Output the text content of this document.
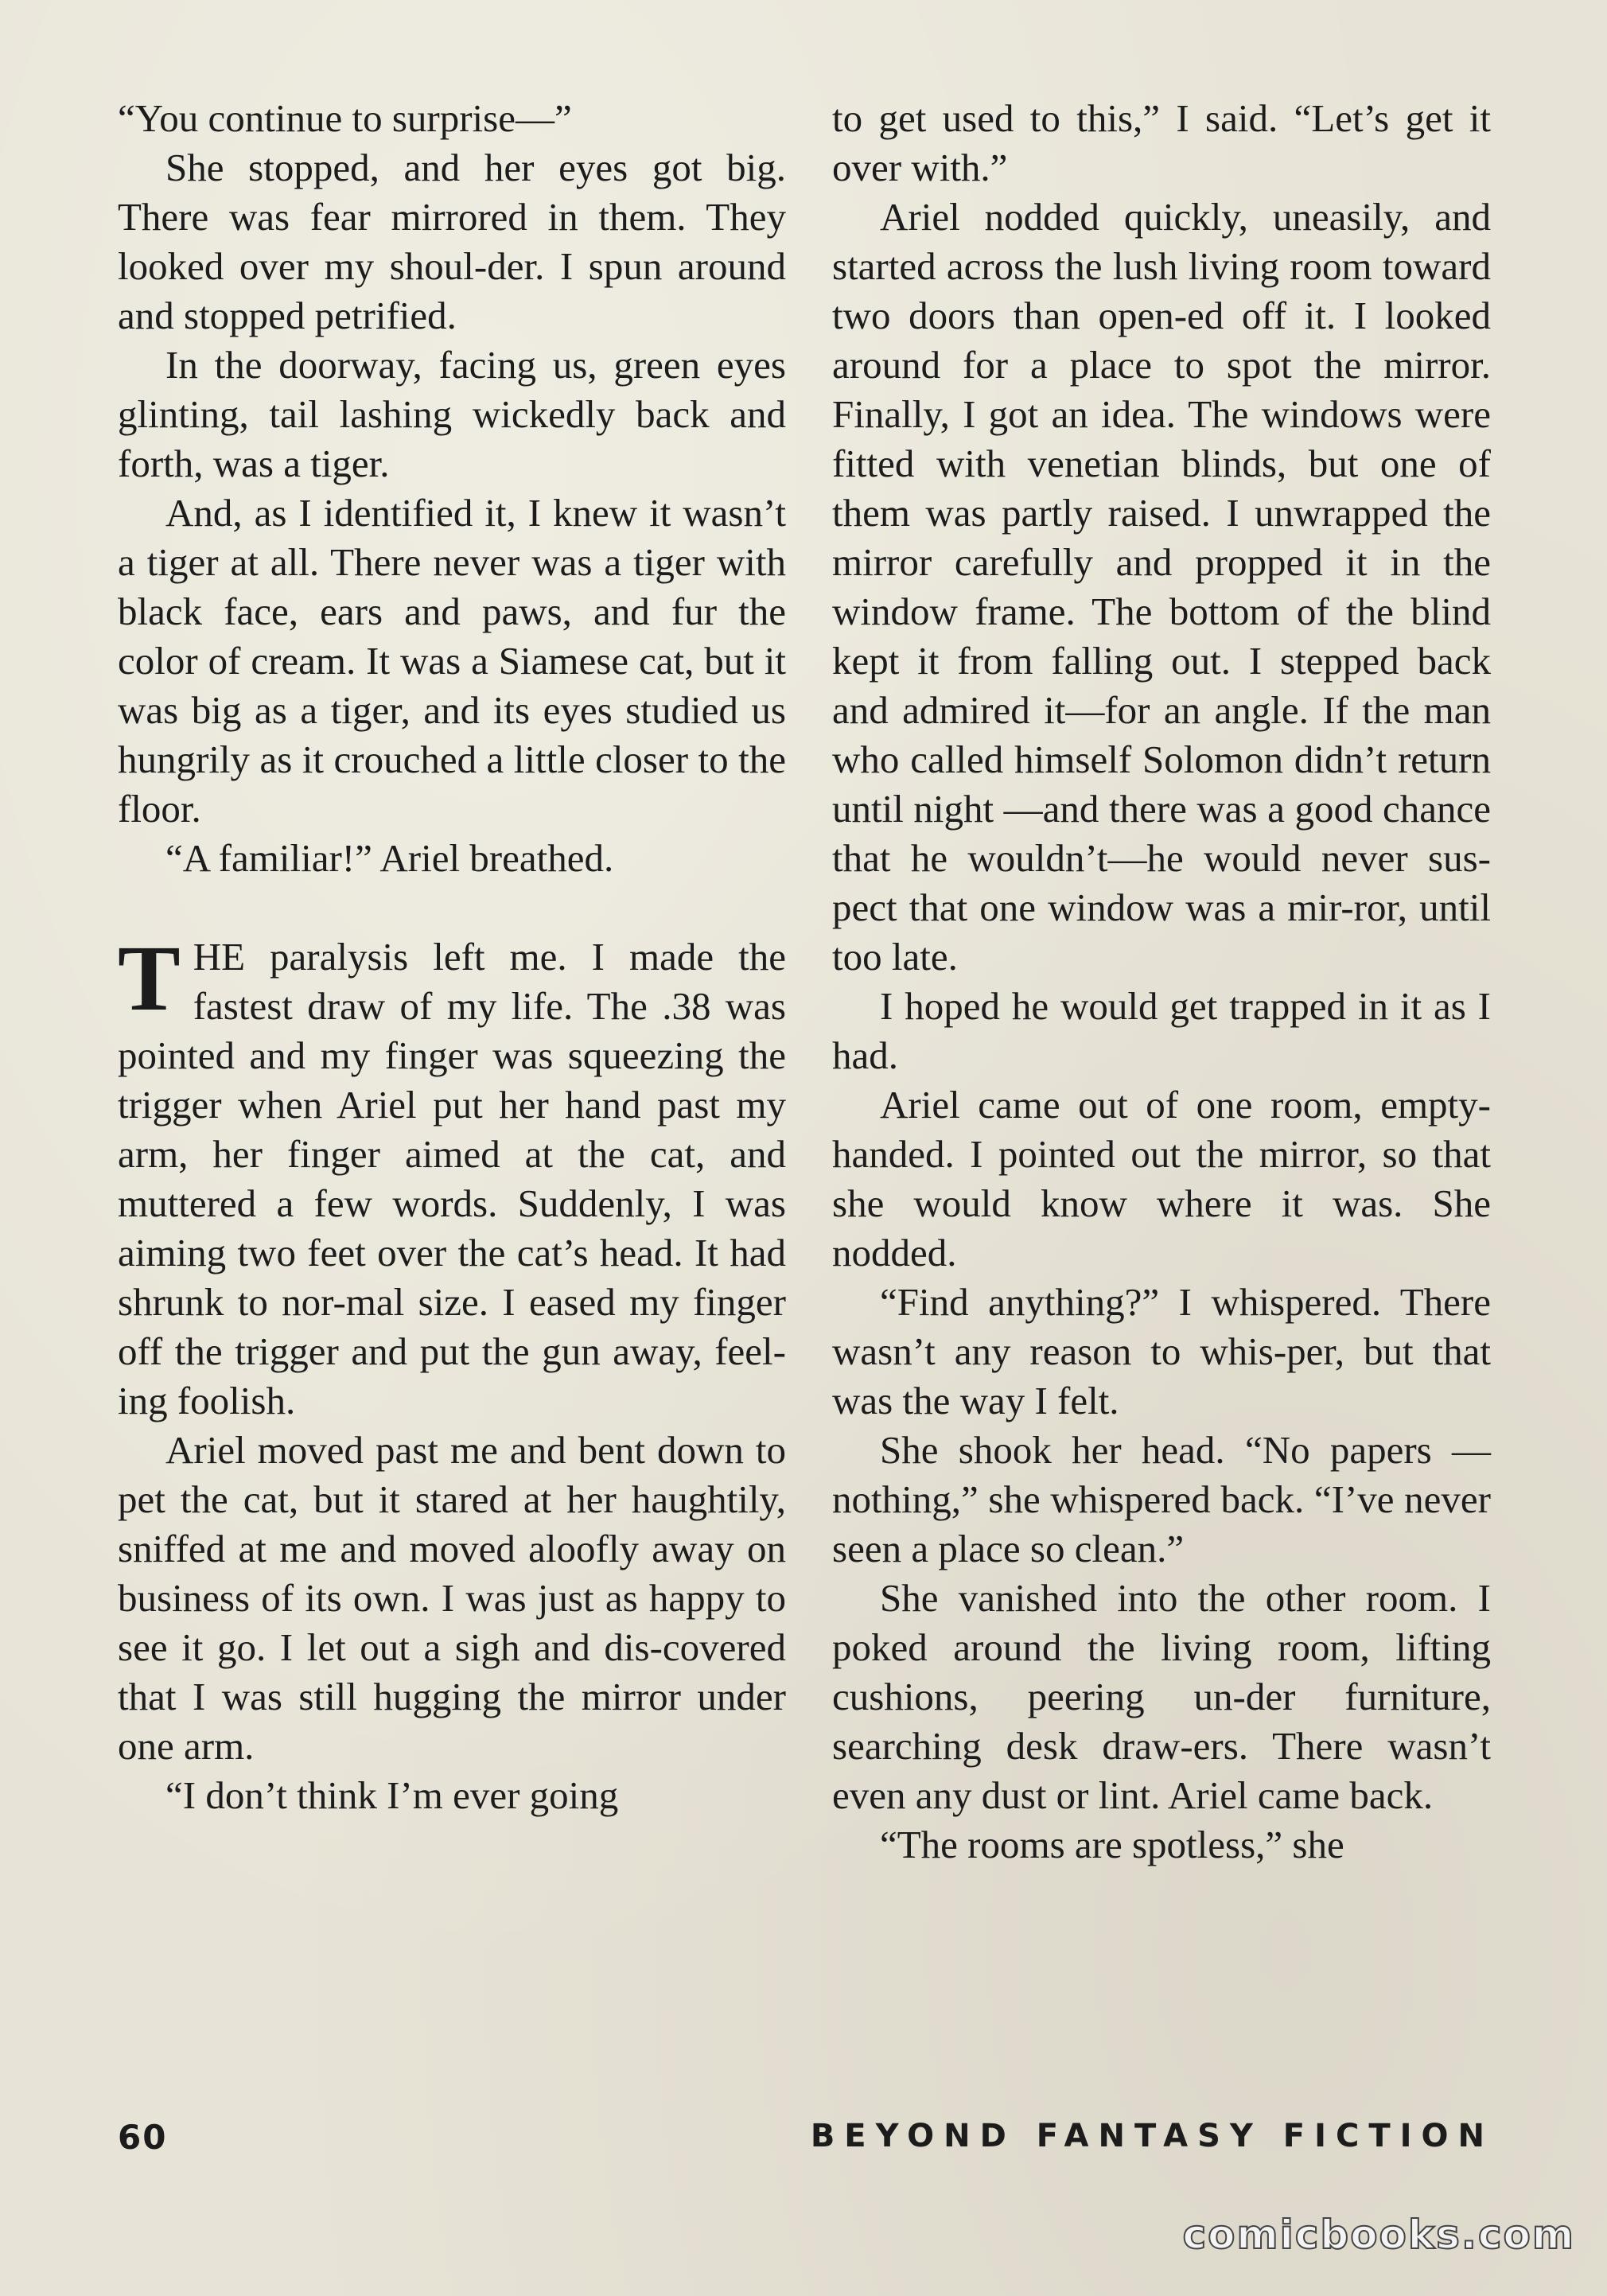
“You continue to surprise—”

She stopped, and her eyes got big. There was fear mirrored in them. They looked over my shoul-der. I spun around and stopped petrified.

In the doorway, facing us, green eyes glinting, tail lashing wickedly back and forth, was a tiger.

And, as I identified it, I knew it wasn’t a tiger at all. There never was a tiger with black face, ears and paws, and fur the color of cream. It was a Siamese cat, but it was big as a tiger, and its eyes studied us hungrily as it crouched a little closer to the floor.

“A familiar!” Ariel breathed.

THE paralysis left me. I made the fastest draw of my life. The .38 was pointed and my finger was squeezing the trigger when Ariel put her hand past my arm, her finger aimed at the cat, and muttered a few words. Suddenly, I was aiming two feet over the cat’s head. It had shrunk to nor-mal size. I eased my finger off the trigger and put the gun away, feel-ing foolish.

Ariel moved past me and bent down to pet the cat, but it stared at her haughtily, sniffed at me and moved aloofly away on business of its own. I was just as happy to see it go. I let out a sigh and dis-covered that I was still hugging the mirror under one arm.

“I don’t think I’m ever going

to get used to this,” I said. “Let’s get it over with.”

Ariel nodded quickly, uneasily, and started across the lush living room toward two doors than open-ed off it. I looked around for a place to spot the mirror. Finally, I got an idea. The windows were fitted with venetian blinds, but one of them was partly raised. I unwrapped the mirror carefully and propped it in the window frame. The bottom of the blind kept it from falling out. I stepped back and admired it—for an angle. If the man who called himself Solomon didn’t return until night —and there was a good chance that he wouldn’t—he would never sus-pect that one window was a mir-ror, until too late.

I hoped he would get trapped in it as I had.

Ariel came out of one room, empty-handed. I pointed out the mirror, so that she would know where it was. She nodded.

“Find anything?” I whispered. There wasn’t any reason to whis-per, but that was the way I felt.

She shook her head. “No papers —nothing,” she whispered back. “I’ve never seen a place so clean.”

She vanished into the other room. I poked around the living room, lifting cushions, peering un-der furniture, searching desk draw-ers. There wasn’t even any dust or lint. Ariel came back.

“The rooms are spotless,” she

60	BEYOND FANTASY FICTION
comicbooks.com
